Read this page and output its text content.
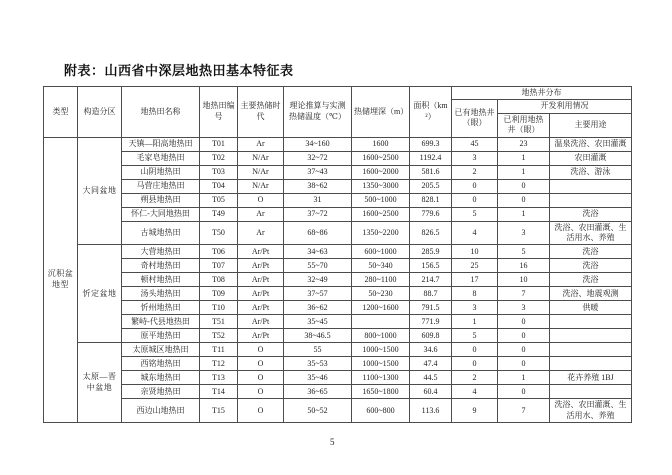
附表：山西省中深层地热田基本特征表
类型	构造分区	地热田名称	地热田编号	主要热储时代	理论推算与实测热储温度（℃）	热储埋深（m）	面积（km²）	地热井分布		
								已有地热井（眼）	开发利用情况	
									已利用地热井（眼）	主要用途
沉积盆地型	大同盆地	天镇—阳高地热田	T01	Ar	34~160	1600	699.3	45	23	温泉洗浴、农田灌溉
		毛家皂地热田	T02	N/Ar	32~72	1600~2500	1192.4	3	1	农田灌溉
		山阴地热田	T03	N/Ar	37~43	1600~2000	581.6	2	1	洗浴、游泳
		马营庄地热田	T04	N/Ar	38~62	1350~3000	205.5	0	0	
		朔县地热田	T05	O	31	500~1000	828.1	0	0	
		怀仁-大同地热田	T49	Ar	37~72	1600~2500	779.6	5	1	洗浴
		古城地热田	T50	Ar	68~86	1350~2200	826.5	4	3	洗浴、农田灌溉、生活用水、养殖
	忻定盆地	大营地热田	T06	Ar/Pt	34~63	600~1000	285.9	10	5	洗浴
		奇村地热田	T07	Ar/Pt	55~70	50~340	156.5	25	16	洗浴
		顿村地热田	T08	Ar/Pt	32~49	280~1100	214.7	17	10	洗浴
		汤头地热田	T09	Ar/Pt	37~57	50~230	88.7	8	7	洗浴、地震观测
		忻州地热田	T10	Ar/Pt	36~62	1200~1600	791.5	3	3	供暖
		繁峙-代县地热田	T51	Ar/Pt	35~45		771.9	1	0	
		原平地热田	T52	Ar/Pt	38~46.5	800~1000	609.8	5	0	
	太原—晋中盆地	太原城区地热田	T11	O	55	1000~1500	34.6	0	0	
		西铭地热田	T12	O	35~53	1000~1500	47.4	0	0	
		城东地热田	T13	O	35~46	1100~1300	44.5	2	1	花卉养殖 1BJ
		亲贤地热田	T14	O	36~65	1650~1800	60.4	4	0	
		西边山地热田	T15	O	50~52	600~800	113.6	9	7	洗浴、农田灌溉、生活用水、养殖
5
